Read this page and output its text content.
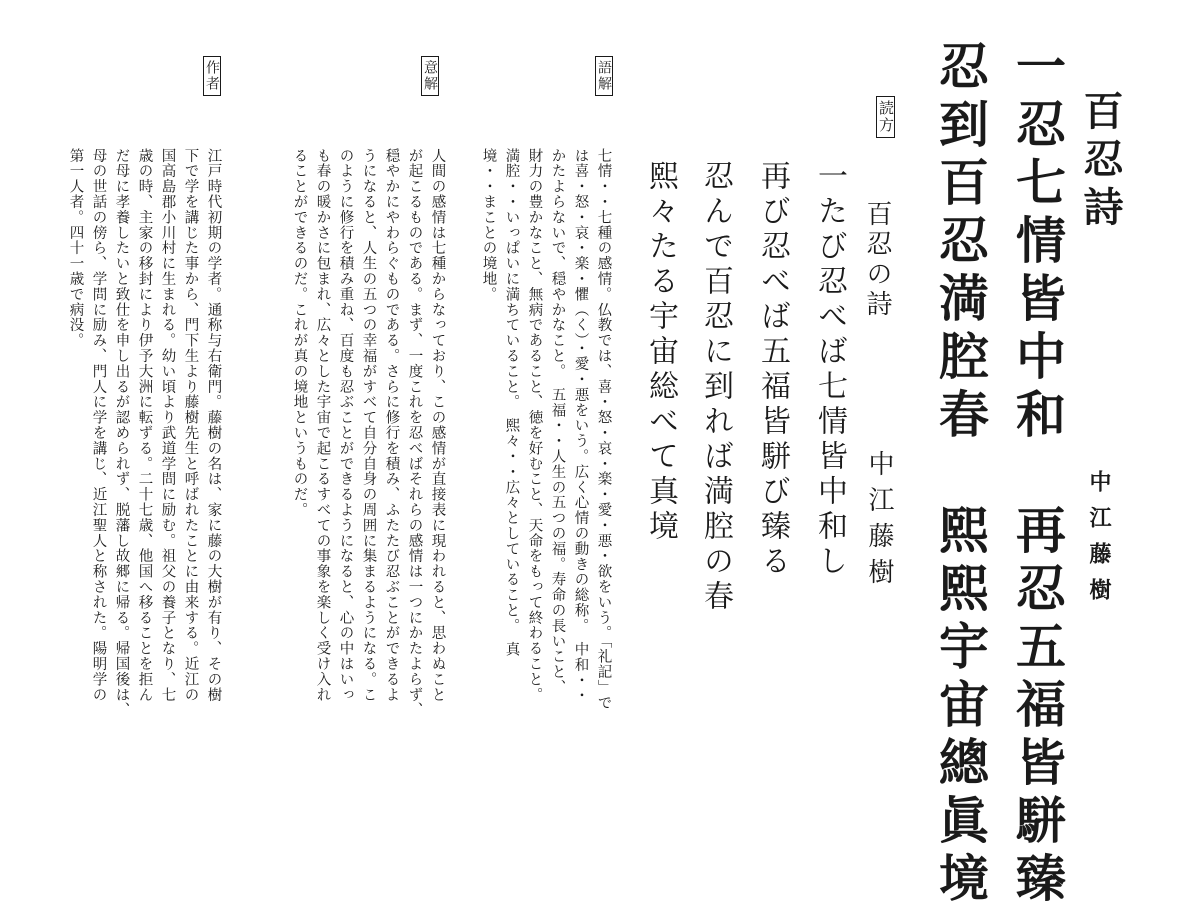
百忍詩
中江藤樹
一忍七情皆中和　再忍五福皆駢臻
忍到百忍満腔春　熙熙宇宙總眞境
読方
百忍の詩
中江藤樹
一たび忍べば七情皆中和し
再び忍べば五福皆駢び臻る
忍んで百忍に到れば満腔の春
熙々たる宇宙総べて真境
語解
七情・・七種の感情。仏教では、喜・怒・哀・楽・愛・悪・欲をいう。「礼記」で
は喜・怒・哀・楽・懼（く）・愛・悪をいう。広く心情の動きの総称。　中和・・
かたよらないで、穏やかなこと。　五福・・人生の五つの福。寿命の長いこと、
財力の豊かなこと、無病であること、徳を好むこと、天命をもって終わること。
満腔・・いっぱいに満ちていること。　熙々・・広々としていること。　真
境・・まことの境地。
意解
人間の感情は七種からなっており、この感情が直接表に現われると、思わぬこと
が起こるものである。まず、一度これを忍べばそれらの感情は一つにかたよらず、
穏やかにやわらぐものである。さらに修行を積み、ふたたび忍ぶことができるよ
うになると、人生の五つの幸福がすべて自分自身の周囲に集まるようになる。こ
のように修行を積み重ね、百度も忍ぶことができるようになると、心の中はいっ
も春の暖かさに包まれ、広々とした宇宙で起こるすべての事象を楽しく受け入れ
ることができるのだ。これが真の境地というものだ。
作者
江戸時代初期の学者。通称与右衛門。藤樹の名は、家に藤の大樹が有り、その樹
下で学を講じた事から、門下生より藤樹先生と呼ばれたことに由来する。近江の
国高島郡小川村に生まれる。幼い頃より武道学問に励む。祖父の養子となり、七
歳の時、主家の移封により伊予大洲に転ずる。二十七歳、他国へ移ることを拒ん
だ母に孝養したいと致仕を申し出るが認められず、脱藩し故郷に帰る。帰国後は、
母の世話の傍ら、学問に励み、門人に学を講じ、近江聖人と称された。陽明学の
第一人者。四十一歳で病没。
